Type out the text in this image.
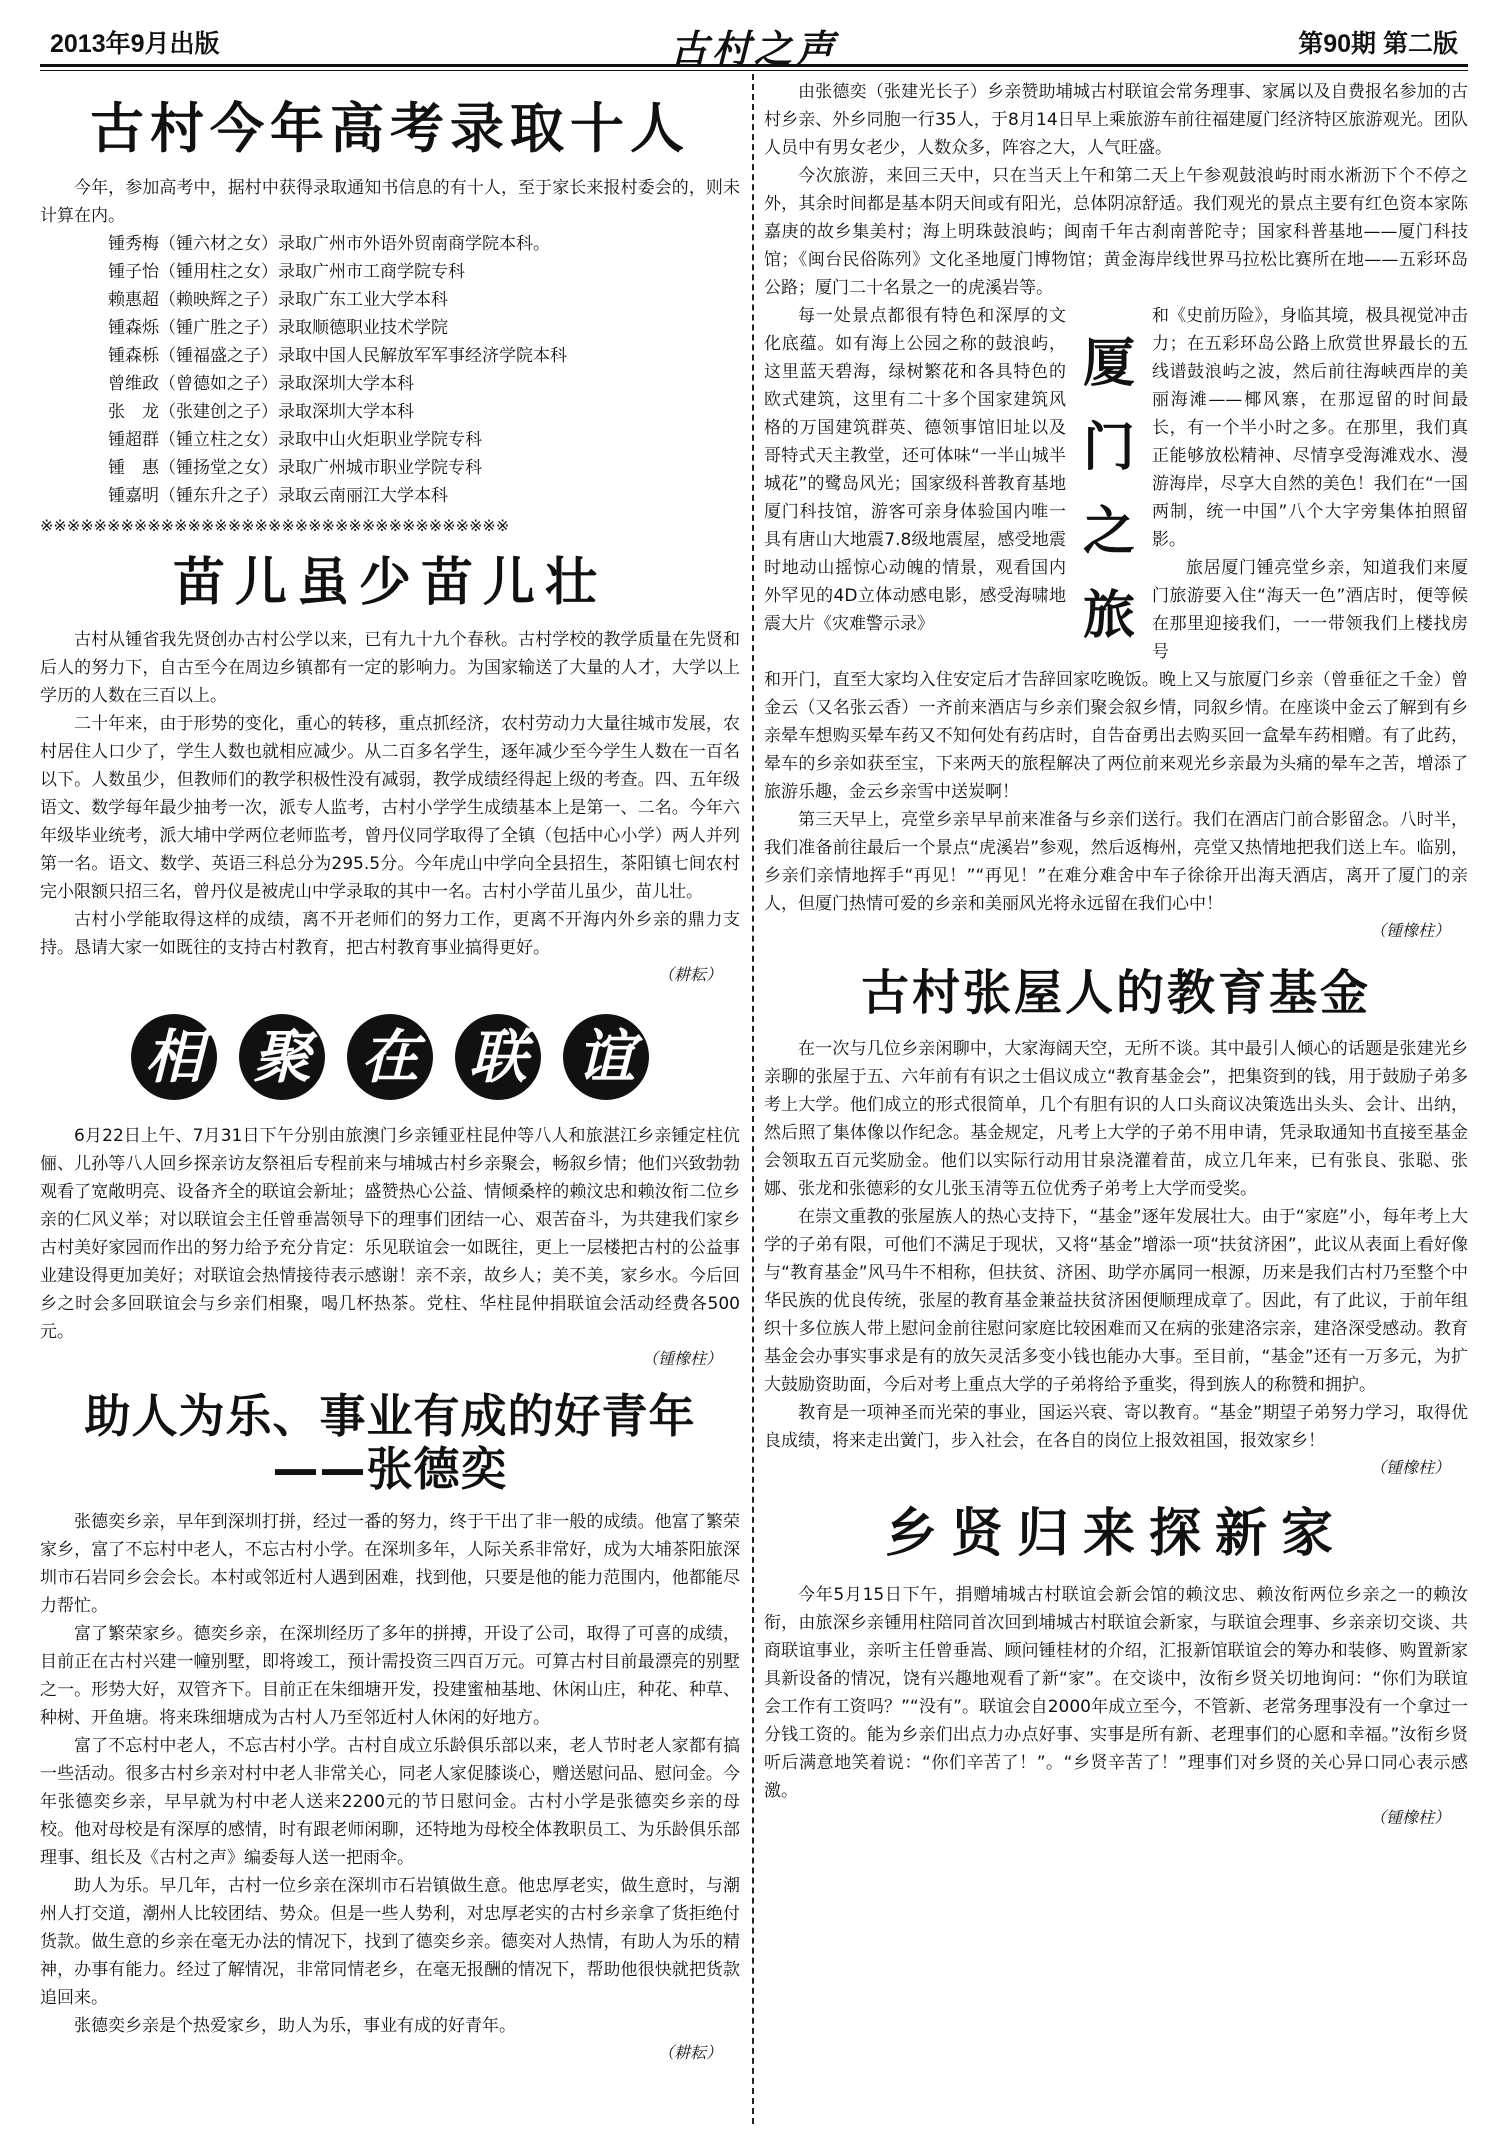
2013年9月出版	古村之声	第90期 第二版
古村今年高考录取十人

今年，参加高考中，据村中获得录取通知书信息的有十人，至于家长来报村委会的，则未计算在内。

锺秀梅（锺六材之女）录取广州市外语外贸南商学院本科。
锺子怡（锺用柱之女）录取广州市工商学院专科
赖惠超（赖映辉之子）录取广东工业大学本科
锺森烁（锺广胜之子）录取顺德职业技术学院
锺森栎（锺福盛之子）录取中国人民解放军军事经济学院本科
曾维政（曾德如之子）录取深圳大学本科
张　龙（张建创之子）录取深圳大学本科
锺超群（锺立柱之女）录取中山火炬职业学院专科
锺　惠（锺扬堂之女）录取广州城市职业学院专科
锺嘉明（锺东升之子）录取云南丽江大学本科
※※※※※※※※※※※※※※※※※※※※※※※※※※※※※※※※※※※
苗儿虽少苗儿壮

古村从锺省我先贤创办古村公学以来，已有九十九个春秋。古村学校的教学质量在先贤和后人的努力下，自古至今在周边乡镇都有一定的影响力。为国家输送了大量的人才，大学以上学历的人数在三百以上。

二十年来，由于形势的变化，重心的转移，重点抓经济，农村劳动力大量往城市发展，农村居住人口少了，学生人数也就相应减少。从二百多名学生，逐年减少至今学生人数在一百名以下。人数虽少，但教师们的教学积极性没有减弱，教学成绩经得起上级的考查。四、五年级语文、数学每年最少抽考一次，派专人监考，古村小学学生成绩基本上是第一、二名。今年六年级毕业统考，派大埔中学两位老师监考，曾丹仪同学取得了全镇（包括中心小学）两人并列第一名。语文、数学、英语三科总分为295.5分。今年虎山中学向全县招生，茶阳镇七间农村完小限额只招三名，曾丹仪是被虎山中学录取的其中一名。古村小学苗儿虽少，苗儿壮。

古村小学能取得这样的成绩，离不开老师们的努力工作，更离不开海内外乡亲的鼎力支持。恳请大家一如既往的支持古村教育，把古村教育事业搞得更好。

（耕耘）
相 聚 在 联 谊

6月22日上午、7月31日下午分别由旅澳门乡亲锺亚柱昆仲等八人和旅湛江乡亲锺定柱伉俪、儿孙等八人回乡探亲访友祭祖后专程前来与埔城古村乡亲聚会，畅叙乡情；他们兴致勃勃观看了宽敞明亮、设备齐全的联谊会新址；盛赞热心公益、情倾桑梓的赖汶忠和赖汝衔二位乡亲的仁风义举；对以联谊会主任曾垂嵩领导下的理事们团结一心、艰苦奋斗，为共建我们家乡古村美好家园而作出的努力给予充分肯定：乐见联谊会一如既往，更上一层楼把古村的公益事业建设得更加美好；对联谊会热情接待表示感谢！亲不亲，故乡人；美不美，家乡水。今后回乡之时会多回联谊会与乡亲们相聚，喝几杯热茶。党柱、华柱昆仲捐联谊会活动经费各500元。

（锺橡柱）
助人为乐、事业有成的好青年——张德奕

张德奕乡亲，早年到深圳打拼，经过一番的努力，终于干出了非一般的成绩。他富了繁荣家乡，富了不忘村中老人，不忘古村小学。在深圳多年，人际关系非常好，成为大埔茶阳旅深圳市石岩同乡会会长。本村或邻近村人遇到困难，找到他，只要是他的能力范围内，他都能尽力帮忙。

富了繁荣家乡。德奕乡亲，在深圳经历了多年的拼搏，开设了公司，取得了可喜的成绩，目前正在古村兴建一幢别墅，即将竣工，预计需投资三四百万元。可算古村目前最漂亮的别墅之一。形势大好，双管齐下。目前正在朱细塘开发，投建蜜柚基地、休闲山庄，种花、种草、种树、开鱼塘。将来珠细塘成为古村人乃至邻近村人休闲的好地方。

富了不忘村中老人，不忘古村小学。古村自成立乐龄俱乐部以来，老人节时老人家都有搞一些活动。很多古村乡亲对村中老人非常关心，同老人家促膝谈心，赠送慰问品、慰问金。今年张德奕乡亲，早早就为村中老人送来2200元的节日慰问金。古村小学是张德奕乡亲的母校。他对母校是有深厚的感情，时有跟老师闲聊，还特地为母校全体教职员工、为乐龄俱乐部理事、组长及《古村之声》编委每人送一把雨伞。

助人为乐。早几年，古村一位乡亲在深圳市石岩镇做生意。他忠厚老实，做生意时，与潮州人打交道，潮州人比较团结、势众。但是一些人势利，对忠厚老实的古村乡亲拿了货拒绝付货款。做生意的乡亲在毫无办法的情况下，找到了德奕乡亲。德奕对人热情，有助人为乐的精神，办事有能力。经过了解情况，非常同情老乡，在毫无报酬的情况下，帮助他很快就把货款追回来。

张德奕乡亲是个热爱家乡，助人为乐，事业有成的好青年。

（耕耘）

由张德奕（张建光长子）乡亲赞助埔城古村联谊会常务理事、家属以及自费报名参加的古村乡亲、外乡同胞一行35人，于8月14日早上乘旅游车前往福建厦门经济特区旅游观光。团队人员中有男女老少，人数众多，阵容之大，人气旺盛。

今次旅游，来回三天中，只在当天上午和第二天上午参观鼓浪屿时雨水淅沥下个不停之外，其余时间都是基本阴天间或有阳光，总体阴凉舒适。我们观光的景点主要有红色资本家陈嘉庚的故乡集美村；海上明珠鼓浪屿；闽南千年古刹南普陀寺；国家科普基地——厦门科技馆；《闽台民俗陈列》文化圣地厦门博物馆；黄金海岸线世界马拉松比赛所在地——五彩环岛公路；厦门二十名景之一的虎溪岩等。

每一处景点都很有特色和深厚的文化底蕴。如有海上公园之称的鼓浪屿，这里蓝天碧海，绿树繁花和各具特色的欧式建筑，这里有二十多个国家建筑风格的万国建筑群英、德领事馆旧址以及哥特式天主教堂，还可体味“一半山城半城花”的鹭岛风光；国家级科普教育基地厦门科技馆，游客可亲身体验国内唯一具有唐山大地震7.8级地震屋，感受地震时地动山摇惊心动魄的情景，观看国内外罕见的4D立体动感电影，感受海啸地震大片《灾难警示录》

厦
门
之
旅

和《史前历险》，身临其境，极具视觉冲击力；在五彩环岛公路上欣赏世界最长的五线谱鼓浪屿之波，然后前往海峡西岸的美丽海滩——椰风寨，在那逗留的时间最长，有一个半小时之多。在那里，我们真正能够放松精神、尽情享受海滩戏水、漫游海岸，尽享大自然的美色！我们在“一国两制，统一中国”八个大字旁集体拍照留影。

旅居厦门锺亮堂乡亲，知道我们来厦门旅游要入住“海天一色”酒店时，便等候在那里迎接我们，一一带领我们上楼找房号

和开门，直至大家均入住安定后才告辞回家吃晚饭。晚上又与旅厦门乡亲（曾垂征之千金）曾金云（又名张云香）一齐前来酒店与乡亲们聚会叙乡情，同叙乡情。在座谈中金云了解到有乡亲晕车想购买晕车药又不知何处有药店时，自告奋勇出去购买回一盒晕车药相赠。有了此药，晕车的乡亲如获至宝，下来两天的旅程解决了两位前来观光乡亲最为头痛的晕车之苦，增添了旅游乐趣，金云乡亲雪中送炭啊！

第三天早上，亮堂乡亲早早前来准备与乡亲们送行。我们在酒店门前合影留念。八时半，我们准备前往最后一个景点“虎溪岩”参观，然后返梅州，亮堂又热情地把我们送上车。临别，乡亲们亲情地挥手“再见！”“再见！”在难分难舍中车子徐徐开出海天酒店，离开了厦门的亲人，但厦门热情可爱的乡亲和美丽风光将永远留在我们心中！

（锺橡柱）
古村张屋人的教育基金

在一次与几位乡亲闲聊中，大家海阔天空，无所不谈。其中最引人倾心的话题是张建光乡亲聊的张屋于五、六年前有有识之士倡议成立“教育基金会”，把集资到的钱，用于鼓励子弟多考上大学。他们成立的形式很简单，几个有胆有识的人口头商议决策选出头头、会计、出纳，然后照了集体像以作纪念。基金规定，凡考上大学的子弟不用申请，凭录取通知书直接至基金会领取五百元奖励金。他们以实际行动用甘泉浇灌着苗，成立几年来，已有张良、张聪、张娜、张龙和张德彩的女儿张玉清等五位优秀子弟考上大学而受奖。

在崇文重教的张屋族人的热心支持下，“基金”逐年发展壮大。由于“家庭”小，每年考上大学的子弟有限，可他们不满足于现状，又将“基金”增添一项“扶贫济困”，此议从表面上看好像与“教育基金”风马牛不相称，但扶贫、济困、助学亦属同一根源，历来是我们古村乃至整个中华民族的优良传统，张屋的教育基金兼益扶贫济困便顺理成章了。因此，有了此议，于前年组织十多位族人带上慰问金前往慰问家庭比较困难而又在病的张建洛宗亲，建洛深受感动。教育基金会办事实事求是有的放矢灵活多变小钱也能办大事。至目前，“基金”还有一万多元，为扩大鼓励资助面，今后对考上重点大学的子弟将给予重奖，得到族人的称赞和拥护。

教育是一项神圣而光荣的事业，国运兴衰、寄以教育。“基金”期望子弟努力学习，取得优良成绩，将来走出黉门，步入社会，在各自的岗位上报效祖国，报效家乡！

（锺橡柱）
乡贤归来探新家

今年5月15日下午，捐赠埔城古村联谊会新会馆的赖汶忠、赖汝衔两位乡亲之一的赖汝衔，由旅深乡亲锺用柱陪同首次回到埔城古村联谊会新家，与联谊会理事、乡亲亲切交谈、共商联谊事业，亲听主任曾垂嵩、顾问锺桂材的介绍，汇报新馆联谊会的筹办和装修、购置新家具新设备的情况，饶有兴趣地观看了新“家”。在交谈中，汝衔乡贤关切地询问：“你们为联谊会工作有工资吗？”“没有”。联谊会自2000年成立至今，不管新、老常务理事没有一个拿过一分钱工资的。能为乡亲们出点力办点好事、实事是所有新、老理事们的心愿和幸福。”汝衔乡贤听后满意地笑着说：“你们辛苦了！”。“乡贤辛苦了！”理事们对乡贤的关心异口同心表示感激。

（锺橡柱）
